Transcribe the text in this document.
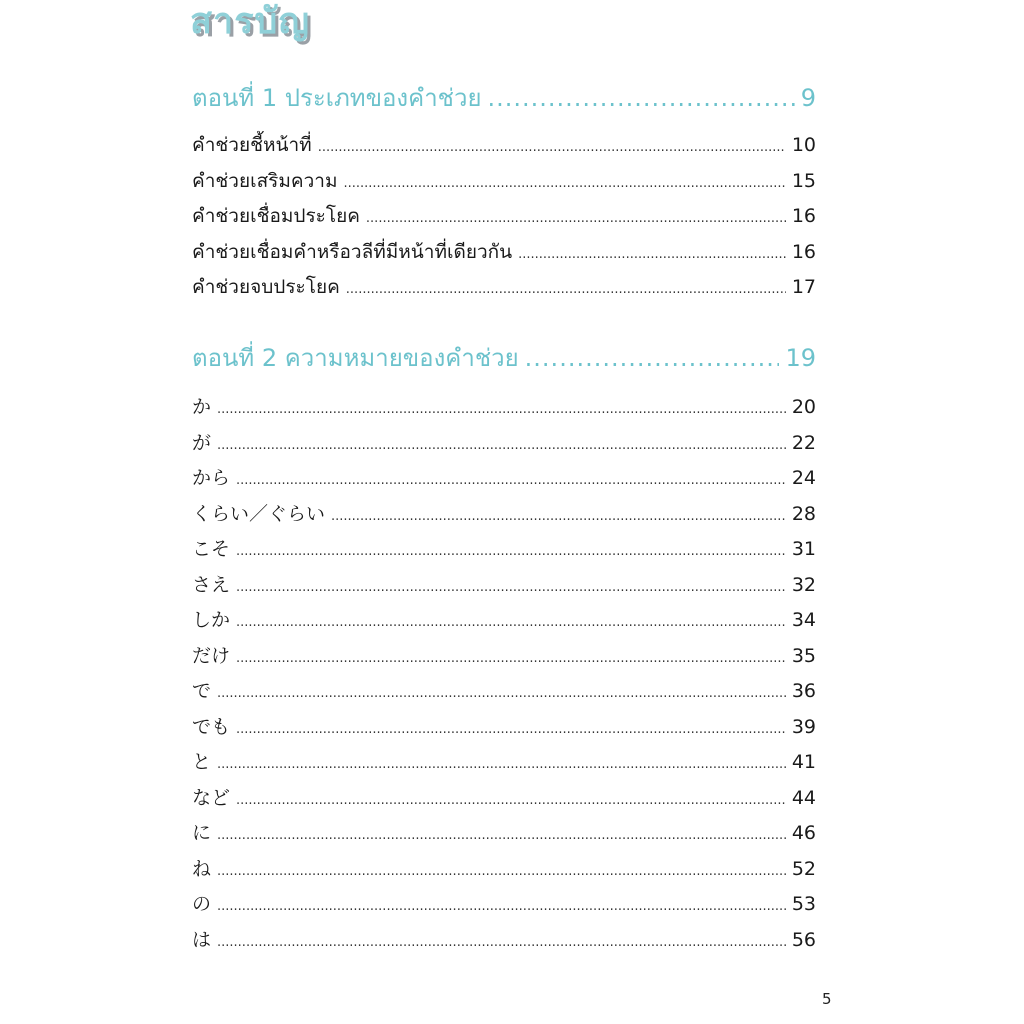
สารบัญ
ตอนที่ 1 ประเภทของคำช่วย .....	9
คำช่วยชี้หน้าที่ .....	10
คำช่วยเสริมความ .....	15
คำช่วยเชื่อมประโยค .....	16
คำช่วยเชื่อมคำหรือวลีที่มีหน้าที่เดียวกัน .....	16
คำช่วยจบประโยค .....	17
ตอนที่ 2 ความหมายของคำช่วย .....	19
か .....	20
が .....	22
から .....	24
くらい／ぐらい .....	28
こそ .....	31
さえ .....	32
しか .....	34
だけ .....	35
で .....	36
でも .....	39
と .....	41
など .....	44
に .....	46
ね .....	52
の .....	53
は .....	56
5
